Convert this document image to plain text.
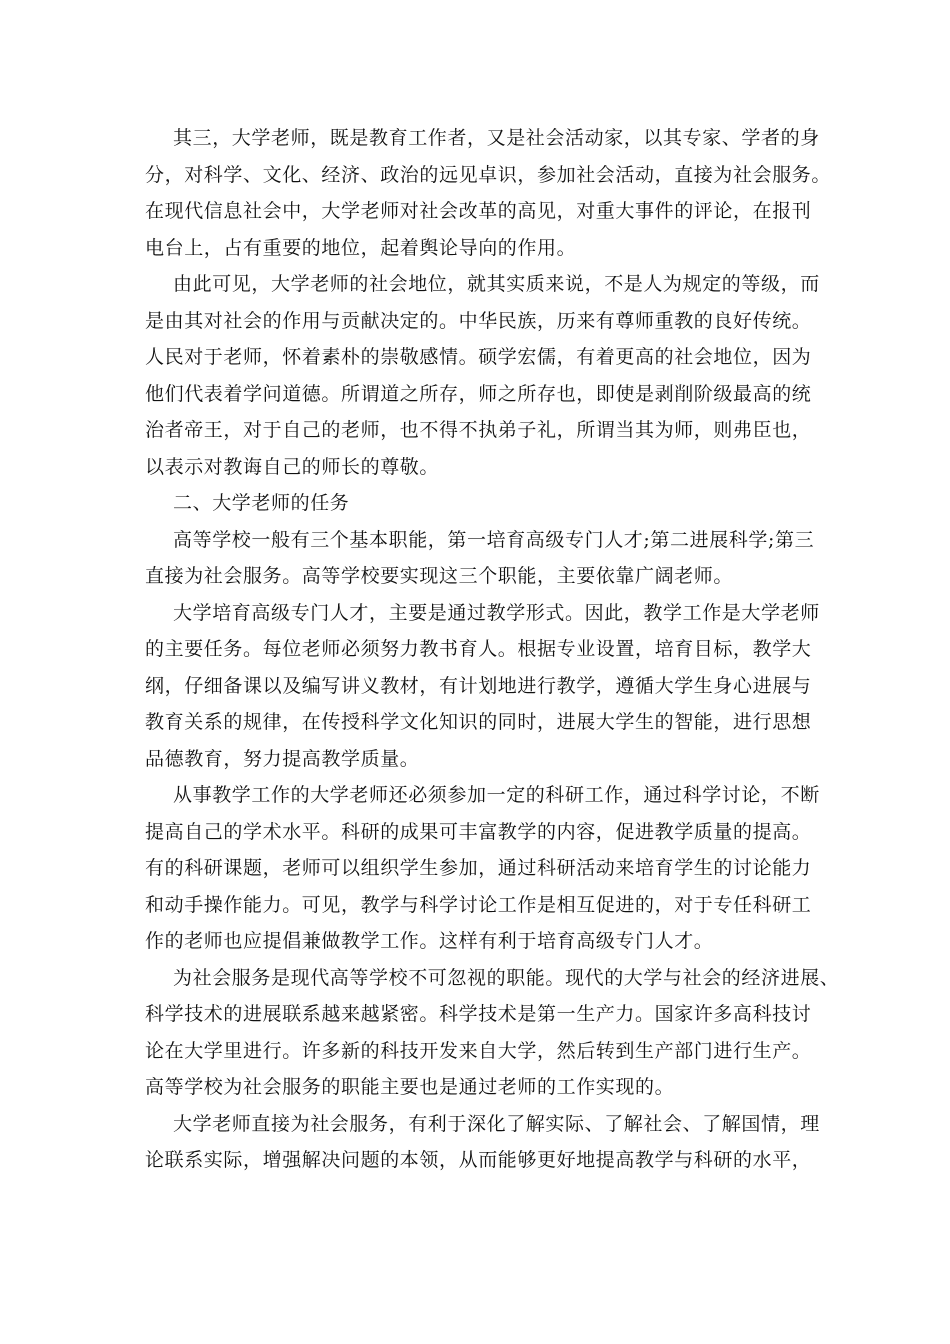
其三，大学老师，既是教育工作者，又是社会活动家，以其专家、学者的身
分，对科学、文化、经济、政治的远见卓识，参加社会活动，直接为社会服务。
在现代信息社会中，大学老师对社会改革的高见，对重大事件的评论，在报刊
电台上，占有重要的地位，起着舆论导向的作用。
由此可见，大学老师的社会地位，就其实质来说，不是人为规定的等级，而
是由其对社会的作用与贡献决定的。中华民族，历来有尊师重教的良好传统。
人民对于老师，怀着素朴的崇敬感情。硕学宏儒，有着更高的社会地位，因为
他们代表着学问道德。所谓道之所存，师之所存也，即使是剥削阶级最高的统
治者帝王，对于自己的老师，也不得不执弟子礼，所谓当其为师，则弗臣也，
以表示对教诲自己的师长的尊敬。
二、大学老师的任务
高等学校一般有三个基本职能，第一培育高级专门人才;第二进展科学;第三
直接为社会服务。高等学校要实现这三个职能，主要依靠广阔老师。
大学培育高级专门人才，主要是通过教学形式。因此，教学工作是大学老师
的主要任务。每位老师必须努力教书育人。根据专业设置，培育目标，教学大
纲，仔细备课以及编写讲义教材，有计划地进行教学，遵循大学生身心进展与
教育关系的规律，在传授科学文化知识的同时，进展大学生的智能，进行思想
品德教育，努力提高教学质量。
从事教学工作的大学老师还必须参加一定的科研工作，通过科学讨论，不断
提高自己的学术水平。科研的成果可丰富教学的内容，促进教学质量的提高。
有的科研课题，老师可以组织学生参加，通过科研活动来培育学生的讨论能力
和动手操作能力。可见，教学与科学讨论工作是相互促进的，对于专任科研工
作的老师也应提倡兼做教学工作。这样有利于培育高级专门人才。
为社会服务是现代高等学校不可忽视的职能。现代的大学与社会的经济进展、
科学技术的进展联系越来越紧密。科学技术是第一生产力。国家许多高科技讨
论在大学里进行。许多新的科技开发来自大学，然后转到生产部门进行生产。
高等学校为社会服务的职能主要也是通过老师的工作实现的。
大学老师直接为社会服务，有利于深化了解实际、了解社会、了解国情，理
论联系实际，增强解决问题的本领，从而能够更好地提高教学与科研的水平，
